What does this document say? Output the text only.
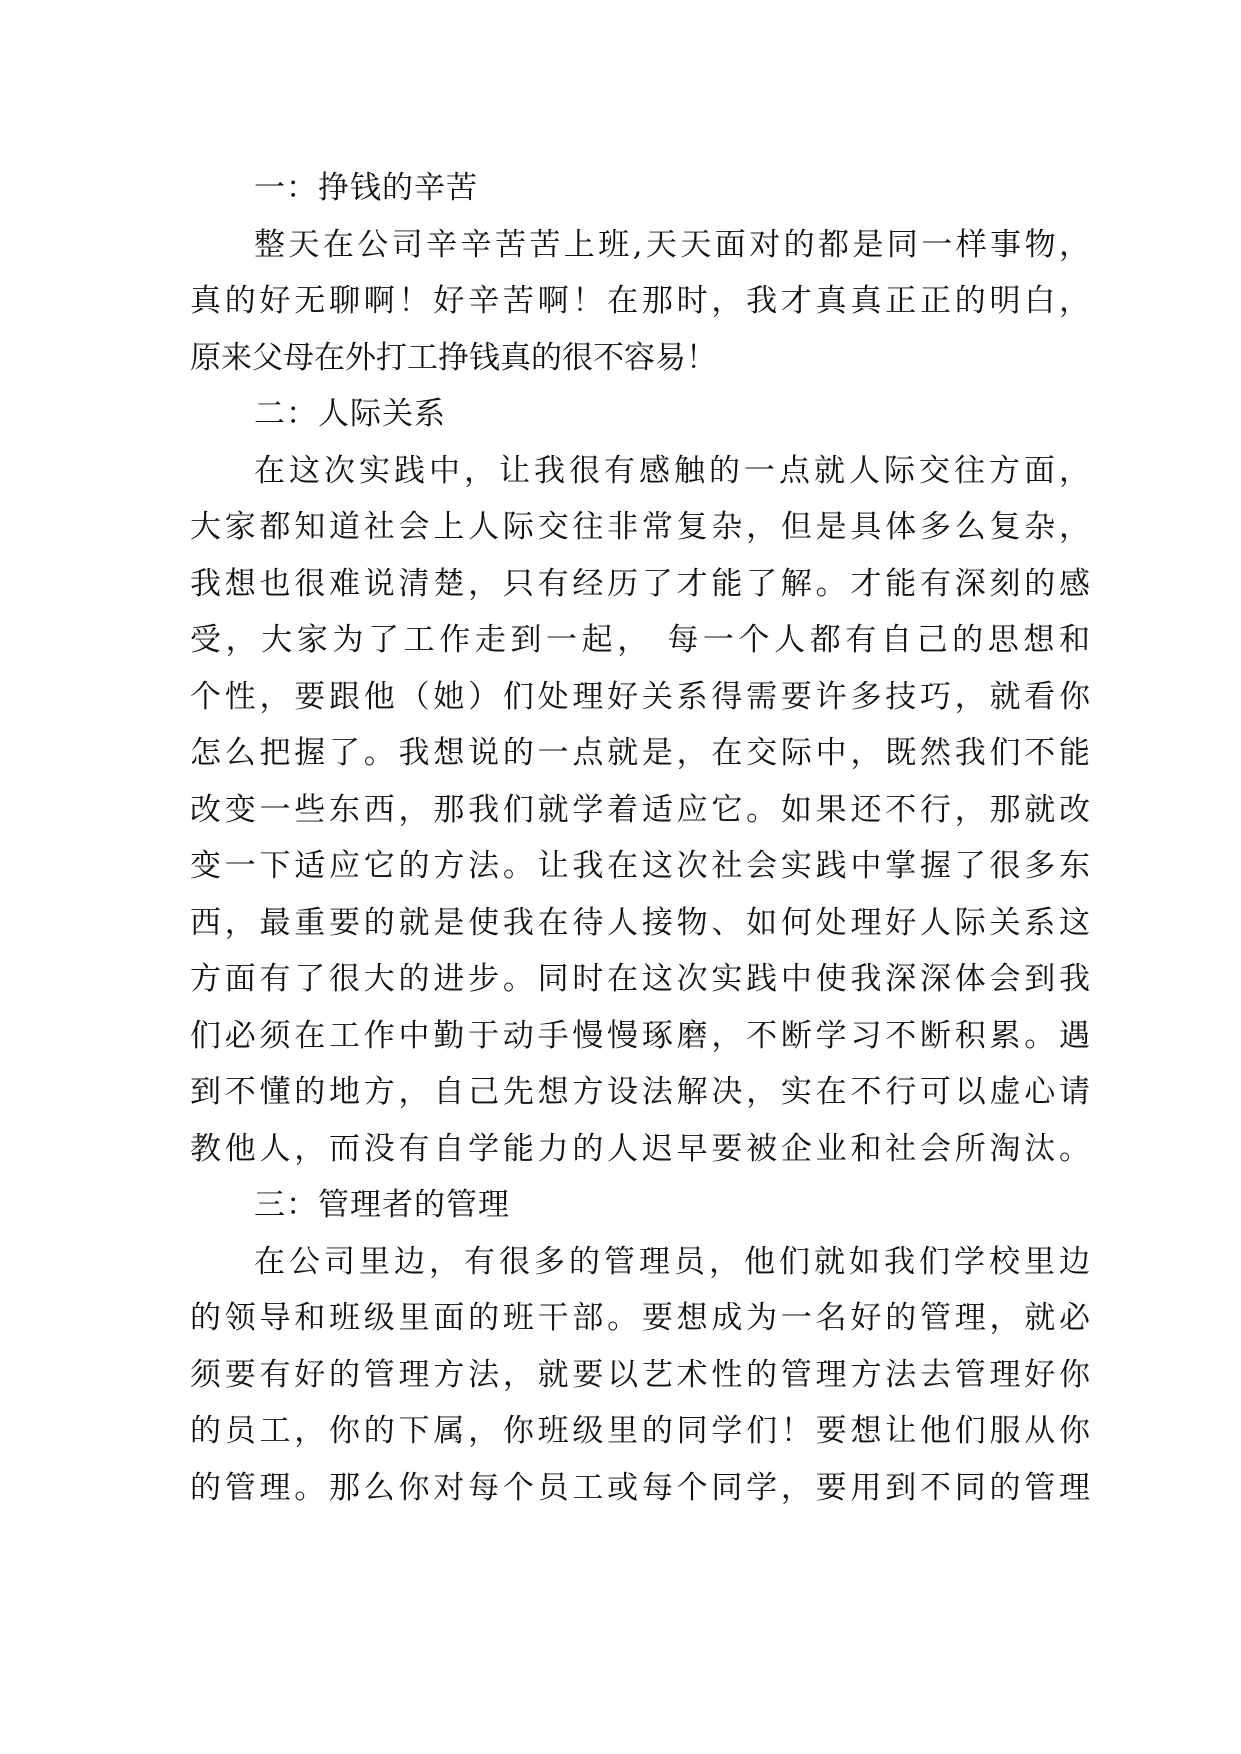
一：挣钱的辛苦
整天在公司辛辛苦苦上班,天天面对的都是同一样事物，
真的好无聊啊！好辛苦啊！在那时，我才真真正正的明白，
原来父母在外打工挣钱真的很不容易！
二：人际关系
在这次实践中，让我很有感触的一点就人际交往方面，
大家都知道社会上人际交往非常复杂，但是具体多么复杂，
我想也很难说清楚，只有经历了才能了解。才能有深刻的感
受，大家为了工作走到一起， 每一个人都有自己的思想和
个性，要跟他（她）们处理好关系得需要许多技巧，就看你
怎么把握了。我想说的一点就是，在交际中，既然我们不能
改变一些东西，那我们就学着适应它。如果还不行，那就改
变一下适应它的方法。让我在这次社会实践中掌握了很多东
西，最重要的就是使我在待人接物、如何处理好人际关系这
方面有了很大的进步。同时在这次实践中使我深深体会到我
们必须在工作中勤于动手慢慢琢磨，不断学习不断积累。遇
到不懂的地方，自己先想方设法解决，实在不行可以虚心请
教他人，而没有自学能力的人迟早要被企业和社会所淘汰。
三：管理者的管理
在公司里边，有很多的管理员，他们就如我们学校里边
的领导和班级里面的班干部。要想成为一名好的管理，就必
须要有好的管理方法，就要以艺术性的管理方法去管理好你
的员工，你的下属，你班级里的同学们！要想让他们服从你
的管理。那么你对每个员工或每个同学，要用到不同的管理
